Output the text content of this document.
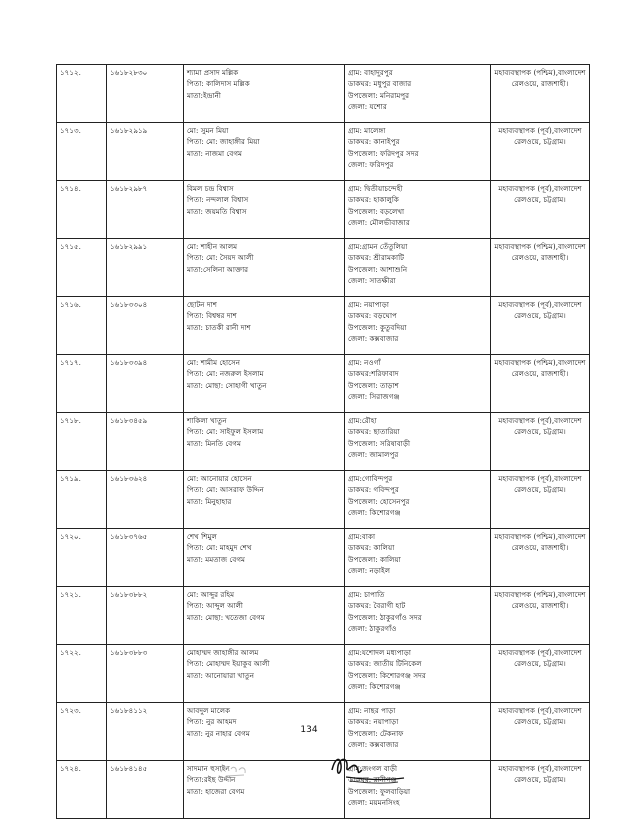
১৭১২.	১৬১৮২৮৩০	শ্যামা প্রসাদ মল্লিক
পিতা: কালিদাস মল্লিক
মাতা:ইন্দ্রানী	গ্রাম: বাহাদুরপুর
ডাকঘর: মধুপুর বাজার
উপজেলা: মনিরামপুর
জেলা: যশোর	মহাব্যবস্থাপক (পশ্চিম),বাংলাদেশ
রেলওয়ে, রাজশাহী।

১৭১৩.	১৬১৮২৯১৯	মো: সুমন মিয়া
পিতা: মো: জাহাঙ্গীর মিয়া
মাতা: নাজমা বেগম	গ্রাম: মালেঙ্গা
ডাকঘর: কানাইপুর
উপজেলা: ফরিদপুর সদর
জেলা: ফরিদপুর	মহাব্যবস্থাপক (পূর্ব),বাংলাদেশ
রেলওয়ে, চট্টগ্রাম।

১৭১৪.	১৬১৮২৯৮৭	বিমল চন্দ্র বিশ্বাস
পিতা: নন্দলাল বিশ্বাস
মাতা: জয়মতি বিশ্বাস	গ্রাম: দ্বিতীয়াচন্দেহী
ডাকঘর: হাকালুকি
উপজেলা: বড়লেখা
জেলা: মৌলভীবাজার	মহাব্যবস্থাপক (পূর্ব),বাংলাদেশ
রেলওয়ে, চট্টগ্রাম।

১৭১৫.	১৬১৮২৯৯১	মো: শাহীন আলম
পিতা: মো: সৈয়দ আলী
মাতা:সেলিনা আক্তার	গ্রাম:গ্রামন তেঁতুলিয়া
ডাকঘর: শ্রীরামকাটি
উপজেলা: আশাশুনি
জেলা: সাতক্ষীরা	মহাব্যবস্থাপক (পশ্চিম),বাংলাদেশ
রেলওয়ে, রাজশাহী।

১৭১৬.	১৬১৮৩৩০৪	ছোটন দাশ
পিতা: বিশ্বম্বর দাশ
মাতা: চাতকী রানী দাশ	গ্রাম: নয়াপাড়া
ডাকঘর: বড়ঘোপ
উপজেলা: কুতুবদিয়া
জেলা: কক্সবাজার	মহাব্যবস্থাপক (পূর্ব),বাংলাদেশ
রেলওয়ে, চট্টগ্রাম।

১৭১৭.	১৬১৮৩৩৯৪	মো: শামীম হোসেন
পিতা: মো: নজরুল ইসলাম
মাতা: মোছা: সোহাগী খাতুন	গ্রাম: নওগাঁ
ডাকঘর:শরিফাবাদ
উপজেলা: তাড়াশ
জেলা: সিরাজগঞ্জ	মহাব্যবস্থাপক (পশ্চিম),বাংলাদেশ
রেলওয়ে, রাজশাহী।

১৭১৮.	১৬১৮৩৪৫৯	শাকিলা খাতুন
পিতা: মো: সাইফুল ইসলাম
মাতা: মিনতি বেগম	গ্রাম:রৌহা
ডাকঘর: ছাতারিয়া
উপজেলা: সরিষাবাড়ী
জেলা: জামালপুর	মহাব্যবস্থাপক (পূর্ব),বাংলাদেশ
রেলওয়ে, চট্টগ্রাম।

১৭১৯.	১৬১৮৩৬২৪	মো: আনোয়ার হোসেন
পিতা: মো: আসরাফ উদ্দিন
মাতা: মিনুহাহার	গ্রাম:গোবিন্দপুর
ডাকঘর: গবিন্দপুর
উপজেলা: হোসেনপুর
জেলা: কিশোরগঞ্জ	মহাব্যবস্থাপক (পূর্ব),বাংলাদেশ
রেলওয়ে, চট্টগ্রাম।

১৭২০.	১৬১৮৩৭৬৫	শেখ শিমুল
পিতা: মো: মাহমুদ শেখ
মাতা: মমতাজ বেগম	গ্রাম:বাকা
ডাকঘর: কালিয়া
উপজেলা: কালিয়া
জেলা: নড়াইল	মহাব্যবস্থাপক (পশ্চিম),বাংলাদেশ
রেলওয়ে, রাজশাহী।

১৭২১.	১৬১৮৩৮৮২	মো: আব্দুর রহিম
পিতা: আব্দুল আলী
মাতা: মোছা: খতেজা বেগম	গ্রাম: চাপাতি
ডাকঘর: বৈরাগী হাট
উপজেলা: ঠাকুরগাঁও সদর
জেলা: ঠাকুরগাঁও	মহাব্যবস্থাপক (পশ্চিম),বাংলাদেশ
রেলওয়ে, রাজশাহী।

১৭২২.	১৬১৮৩৮৮৩	মোহাম্মদ জাহাঙ্গীর আলম
পিতা: মোহাম্মদ ইয়াকুব আলী
মাতা: আনোয়ারা খাতুন	গ্রাম:যশোদল মধ্যপাড়া
ডাকঘর: জাতীয় টিনিকেল
উপজেলা: কিশোরগঞ্জ সদর
জেলা: কিশোরগঞ্জ	মহাব্যবস্থাপক (পূর্ব),বাংলাদেশ
রেলওয়ে, চট্টগ্রাম।

১৭২৩.	১৬১৮৪১১২	আবদুল মালেক
পিতা: নুর আহমদ
মাতা: নুর নাহার বেগম	গ্রাম: নাছর পাড়া
ডাকঘর: নয়াপাড়া
উপজেলা: টেকনাফ
জেলা: কক্সবাজার	মহাব্যবস্থাপক (পূর্ব),বাংলাদেশ
রেলওয়ে, চট্টগ্রাম।

১৭২৪.	১৬১৮৪১৪৫	সাদমান হুসাইন
পিতা:রইছ উদ্দীন
মাতা: হাজেরা বেগম	গ্রাম:জংগল বাড়ী
ডাকঘর: রানীগঞ্জ
উপজেলা: ফুলবাড়িয়া
জেলা: ময়মনসিংহ	মহাব্যবস্থাপক (পূর্ব),বাংলাদেশ
রেলওয়ে, চট্টগ্রাম।
134
